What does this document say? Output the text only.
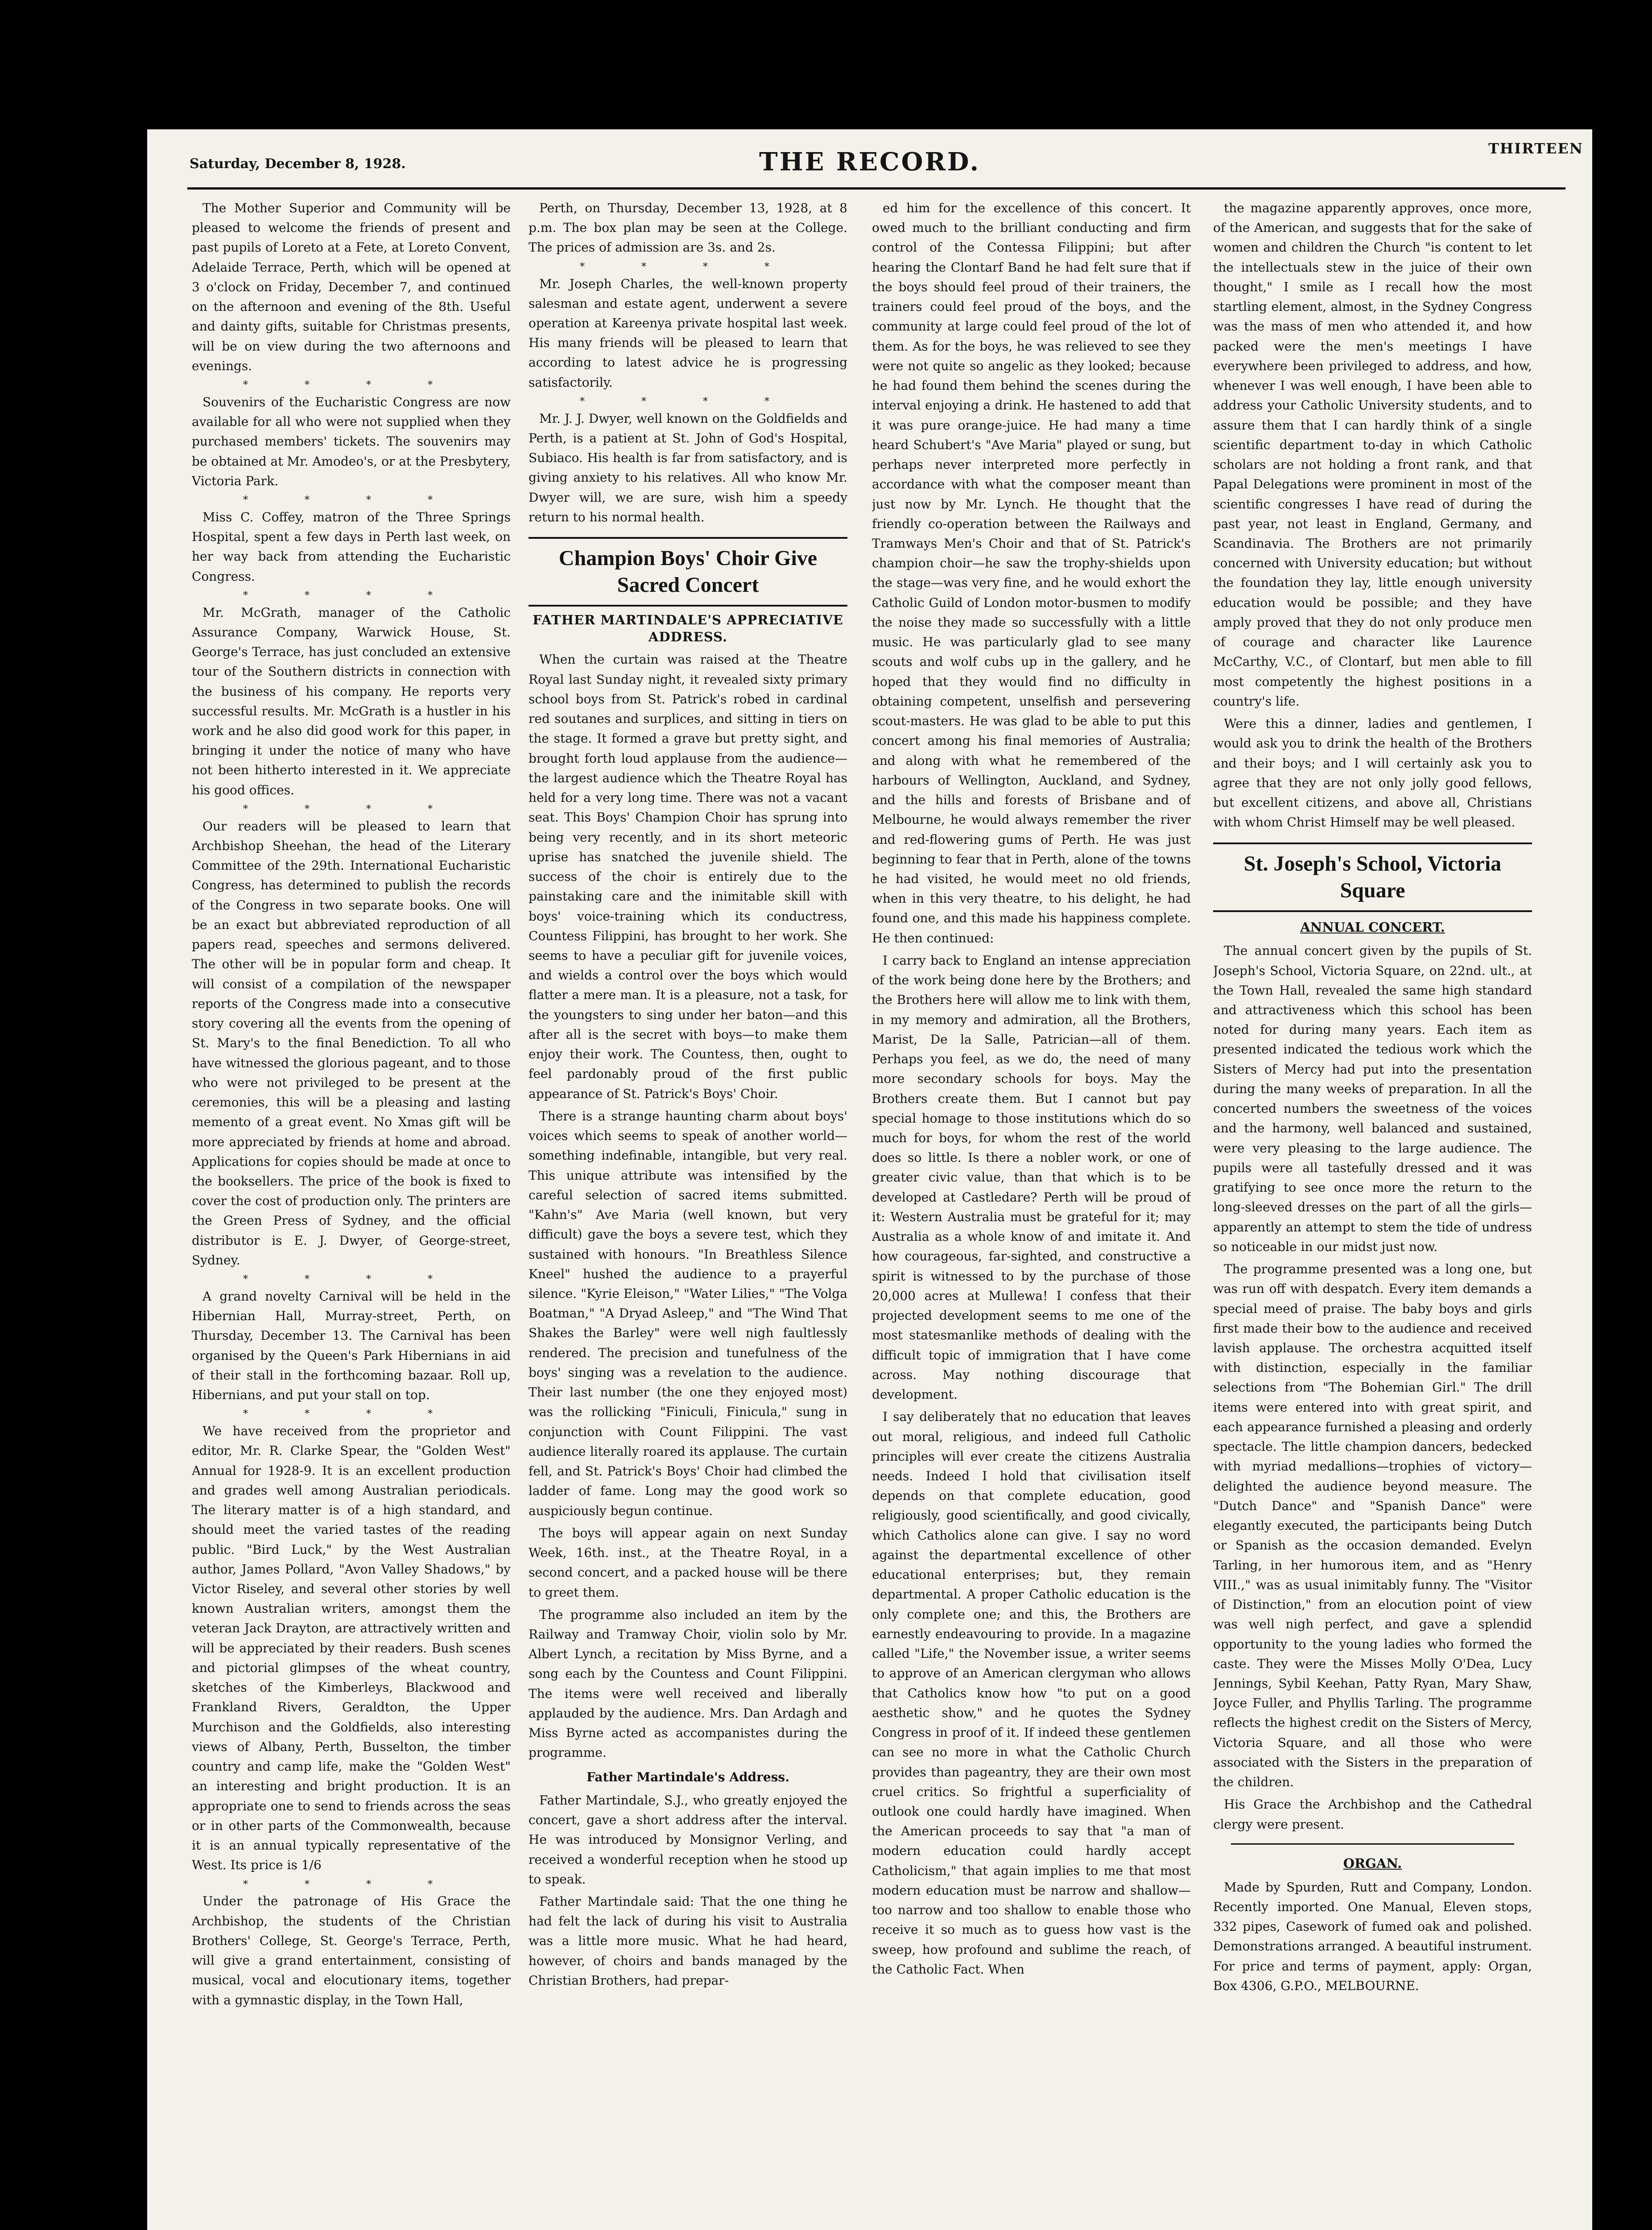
Saturday, December 8, 1928.	THE RECORD.	THIRTEEN

The Mother Superior and Community will be pleased to welcome the friends of present and past pupils of Loreto at a Fete, at Loreto Convent, Adelaide Terrace, Perth, which will be opened at 3 o'clock on Friday, December 7, and continued on the afternoon and evening of the 8th. Useful and dainty gifts, suitable for Christmas presents, will be on view during the two afternoons and evenings.

* * * *

Souvenirs of the Eucharistic Congress are now available for all who were not supplied when they purchased members' tickets. The souvenirs may be obtained at Mr. Amodeo's, or at the Presbytery, Victoria Park.

* * * *

Miss C. Coffey, matron of the Three Springs Hospital, spent a few days in Perth last week, on her way back from attending the Eucharistic Congress.

* * * *

Mr. McGrath, manager of the Catholic Assurance Company, Warwick House, St. George's Terrace, has just concluded an extensive tour of the Southern districts in connection with the business of his company. He reports very successful results. Mr. McGrath is a hustler in his work and he also did good work for this paper, in bringing it under the notice of many who have not been hitherto interested in it. We appreciate his good offices.

* * * *

Our readers will be pleased to learn that Archbishop Sheehan, the head of the Literary Committee of the 29th. International Eucharistic Congress, has determined to publish the records of the Congress in two separate books. One will be an exact but abbreviated reproduction of all papers read, speeches and sermons delivered. The other will be in popular form and cheap. It will consist of a compilation of the newspaper reports of the Congress made into a consecutive story covering all the events from the opening of St. Mary's to the final Benediction. To all who have witnessed the glorious pageant, and to those who were not privileged to be present at the ceremonies, this will be a pleasing and lasting memento of a great event. No Xmas gift will be more appreciated by friends at home and abroad. Applications for copies should be made at once to the booksellers. The price of the book is fixed to cover the cost of production only. The printers are the Green Press of Sydney, and the official distributor is E. J. Dwyer, of George-street, Sydney.

* * * *

A grand novelty Carnival will be held in the Hibernian Hall, Murray-street, Perth, on Thursday, December 13. The Carnival has been organised by the Queen's Park Hibernians in aid of their stall in the forthcoming bazaar. Roll up, Hibernians, and put your stall on top.

* * * *

We have received from the proprietor and editor, Mr. R. Clarke Spear, the "Golden West" Annual for 1928-9. It is an excellent production and grades well among Australian periodicals. The literary matter is of a high standard, and should meet the varied tastes of the reading public. "Bird Luck," by the West Australian author, James Pollard, "Avon Valley Shadows," by Victor Riseley, and several other stories by well known Australian writers, amongst them the veteran Jack Drayton, are attractively written and will be appreciated by their readers. Bush scenes and pictorial glimpses of the wheat country, sketches of the Kimberleys, Blackwood and Frankland Rivers, Geraldton, the Upper Murchison and the Goldfields, also interesting views of Albany, Perth, Busselton, the timber country and camp life, make the "Golden West" an interesting and bright production. It is an appropriate one to send to friends across the seas or in other parts of the Commonwealth, because it is an annual typically representative of the West. Its price is 1/6

* * * *

Under the patronage of His Grace the Archbishop, the students of the Christian Brothers' College, St. George's Terrace, Perth, will give a grand entertainment, consisting of musical, vocal and elocutionary items, together with a gymnastic display, in the Town Hall,

Perth, on Thursday, December 13, 1928, at 8 p.m. The box plan may be seen at the College. The prices of admission are 3s. and 2s.

* * * *

Mr. Joseph Charles, the well-known property salesman and estate agent, underwent a severe operation at Kareenya private hospital last week. His many friends will be pleased to learn that according to latest advice he is progressing satisfactorily.

* * * *

Mr. J. J. Dwyer, well known on the Goldfields and Perth, is a patient at St. John of God's Hospital, Subiaco. His health is far from satisfactory, and is giving anxiety to his relatives. All who know Mr. Dwyer will, we are sure, wish him a speedy return to his normal health.

Champion Boys' Choir Give Sacred Concert
FATHER MARTINDALE'S APPRECIATIVE ADDRESS.

When the curtain was raised at the Theatre Royal last Sunday night, it revealed sixty primary school boys from St. Patrick's robed in cardinal red soutanes and surplices, and sitting in tiers on the stage. It formed a grave but pretty sight, and brought forth loud applause from the audience—the largest audience which the Theatre Royal has held for a very long time. There was not a vacant seat. This Boys' Champion Choir has sprung into being very recently, and in its short meteoric uprise has snatched the juvenile shield. The success of the choir is entirely due to the painstaking care and the inimitable skill with boys' voice-training which its conductress, Countess Filippini, has brought to her work. She seems to have a peculiar gift for juvenile voices, and wields a control over the boys which would flatter a mere man. It is a pleasure, not a task, for the youngsters to sing under her baton—and this after all is the secret with boys—to make them enjoy their work. The Countess, then, ought to feel pardonably proud of the first public appearance of St. Patrick's Boys' Choir.

There is a strange haunting charm about boys' voices which seems to speak of another world—something indefinable, intangible, but very real. This unique attribute was intensified by the careful selection of sacred items submitted. "Kahn's" Ave Maria (well known, but very difficult) gave the boys a severe test, which they sustained with honours. "In Breathless Silence Kneel" hushed the audience to a prayerful silence. "Kyrie Eleison," "Water Lilies," "The Volga Boatman," "A Dryad Asleep," and "The Wind That Shakes the Barley" were well nigh faultlessly rendered. The precision and tunefulness of the boys' singing was a revelation to the audience. Their last number (the one they enjoyed most) was the rollicking "Finiculi, Finicula," sung in conjunction with Count Filippini. The vast audience literally roared its applause. The curtain fell, and St. Patrick's Boys' Choir had climbed the ladder of fame. Long may the good work so auspiciously begun continue.

The boys will appear again on next Sunday Week, 16th. inst., at the Theatre Royal, in a second concert, and a packed house will be there to greet them.

The programme also included an item by the Railway and Tramway Choir, violin solo by Mr. Albert Lynch, a recitation by Miss Byrne, and a song each by the Countess and Count Filippini. The items were well received and liberally applauded by the audience. Mrs. Dan Ardagh and Miss Byrne acted as accompanistes during the programme.

Father Martindale's Address.

Father Martindale, S.J., who greatly enjoyed the concert, gave a short address after the interval. He was introduced by Monsignor Verling, and received a wonderful reception when he stood up to speak.

Father Martindale said: That the one thing he had felt the lack of during his visit to Australia was a little more music. What he had heard, however, of choirs and bands managed by the Christian Brothers, had prepar-

ed him for the excellence of this concert. It owed much to the brilliant conducting and firm control of the Contessa Filippini; but after hearing the Clontarf Band he had felt sure that if the boys should feel proud of their trainers, the trainers could feel proud of the boys, and the community at large could feel proud of the lot of them. As for the boys, he was relieved to see they were not quite so angelic as they looked; because he had found them behind the scenes during the interval enjoying a drink. He hastened to add that it was pure orange-juice. He had many a time heard Schubert's "Ave Maria" played or sung, but perhaps never interpreted more perfectly in accordance with what the composer meant than just now by Mr. Lynch. He thought that the friendly co-operation between the Railways and Tramways Men's Choir and that of St. Patrick's champion choir—he saw the trophy-shields upon the stage—was very fine, and he would exhort the Catholic Guild of London motor-busmen to modify the noise they made so successfully with a little music. He was particularly glad to see many scouts and wolf cubs up in the gallery, and he hoped that they would find no difficulty in obtaining competent, unselfish and persevering scout-masters. He was glad to be able to put this concert among his final memories of Australia; and along with what he remembered of the harbours of Wellington, Auckland, and Sydney, and the hills and forests of Brisbane and of Melbourne, he would always remember the river and red-flowering gums of Perth. He was just beginning to fear that in Perth, alone of the towns he had visited, he would meet no old friends, when in this very theatre, to his delight, he had found one, and this made his happiness complete. He then continued:

I carry back to England an intense appreciation of the work being done here by the Brothers; and the Brothers here will allow me to link with them, in my memory and admiration, all the Brothers, Marist, De la Salle, Patrician—all of them. Perhaps you feel, as we do, the need of many more secondary schools for boys. May the Brothers create them. But I cannot but pay special homage to those institutions which do so much for boys, for whom the rest of the world does so little. Is there a nobler work, or one of greater civic value, than that which is to be developed at Castledare? Perth will be proud of it: Western Australia must be grateful for it; may Australia as a whole know of and imitate it. And how courageous, far-sighted, and constructive a spirit is witnessed to by the purchase of those 20,000 acres at Mullewa! I confess that their projected development seems to me one of the most statesmanlike methods of dealing with the difficult topic of immigration that I have come across. May nothing discourage that development.

I say deliberately that no education that leaves out moral, religious, and indeed full Catholic principles will ever create the citizens Australia needs. Indeed I hold that civilisation itself depends on that complete education, good religiously, good scientifically, and good civically, which Catholics alone can give. I say no word against the departmental excellence of other educational enterprises; but, they remain departmental. A proper Catholic education is the only complete one; and this, the Brothers are earnestly endeavouring to provide. In a magazine called "Life," the November issue, a writer seems to approve of an American clergyman who allows that Catholics know how "to put on a good aesthetic show," and he quotes the Sydney Congress in proof of it. If indeed these gentlemen can see no more in what the Catholic Church provides than pageantry, they are their own most cruel critics. So frightful a superficiality of outlook one could hardly have imagined. When the American proceeds to say that "a man of modern education could hardly accept Catholicism," that again implies to me that most modern education must be narrow and shallow—too narrow and too shallow to enable those who receive it so much as to guess how vast is the sweep, how profound and sublime the reach, of the Catholic Fact. When

the magazine apparently approves, once more, of the American, and suggests that for the sake of women and children the Church "is content to let the intellectuals stew in the juice of their own thought," I smile as I recall how the most startling element, almost, in the Sydney Congress was the mass of men who attended it, and how packed were the men's meetings I have everywhere been privileged to address, and how, whenever I was well enough, I have been able to address your Catholic University students, and to assure them that I can hardly think of a single scientific department to-day in which Catholic scholars are not holding a front rank, and that Papal Delegations were prominent in most of the scientific congresses I have read of during the past year, not least in England, Germany, and Scandinavia. The Brothers are not primarily concerned with University education; but without the foundation they lay, little enough university education would be possible; and they have amply proved that they do not only produce men of courage and character like Laurence McCarthy, V.C., of Clontarf, but men able to fill most competently the highest positions in a country's life.

Were this a dinner, ladies and gentlemen, I would ask you to drink the health of the Brothers and their boys; and I will certainly ask you to agree that they are not only jolly good fellows, but excellent citizens, and above all, Christians with whom Christ Himself may be well pleased.

St. Joseph's School, Victoria Square
ANNUAL CONCERT.

The annual concert given by the pupils of St. Joseph's School, Victoria Square, on 22nd. ult., at the Town Hall, revealed the same high standard and attractiveness which this school has been noted for during many years. Each item as presented indicated the tedious work which the Sisters of Mercy had put into the presentation during the many weeks of preparation. In all the concerted numbers the sweetness of the voices and the harmony, well balanced and sustained, were very pleasing to the large audience. The pupils were all tastefully dressed and it was gratifying to see once more the return to the long-sleeved dresses on the part of all the girls—apparently an attempt to stem the tide of undress so noticeable in our midst just now.

The programme presented was a long one, but was run off with despatch. Every item demands a special meed of praise. The baby boys and girls first made their bow to the audience and received lavish applause. The orchestra acquitted itself with distinction, especially in the familiar selections from "The Bohemian Girl." The drill items were entered into with great spirit, and each appearance furnished a pleasing and orderly spectacle. The little champion dancers, bedecked with myriad medallions—trophies of victory—delighted the audience beyond measure. The "Dutch Dance" and "Spanish Dance" were elegantly executed, the participants being Dutch or Spanish as the occasion demanded. Evelyn Tarling, in her humorous item, and as "Henry VIII.," was as usual inimitably funny. The "Visitor of Distinction," from an elocution point of view was well nigh perfect, and gave a splendid opportunity to the young ladies who formed the caste. They were the Misses Molly O'Dea, Lucy Jennings, Sybil Keehan, Patty Ryan, Mary Shaw, Joyce Fuller, and Phyllis Tarling. The programme reflects the highest credit on the Sisters of Mercy, Victoria Square, and all those who were associated with the Sisters in the preparation of the children.

His Grace the Archbishop and the Cathedral clergy were present.

ORGAN.

Made by Spurden, Rutt and Company, London. Recently imported. One Manual, Eleven stops, 332 pipes, Casework of fumed oak and polished. Demonstrations arranged. A beautiful instrument. For price and terms of payment, apply: Organ, Box 4306, G.P.O., MELBOURNE.
